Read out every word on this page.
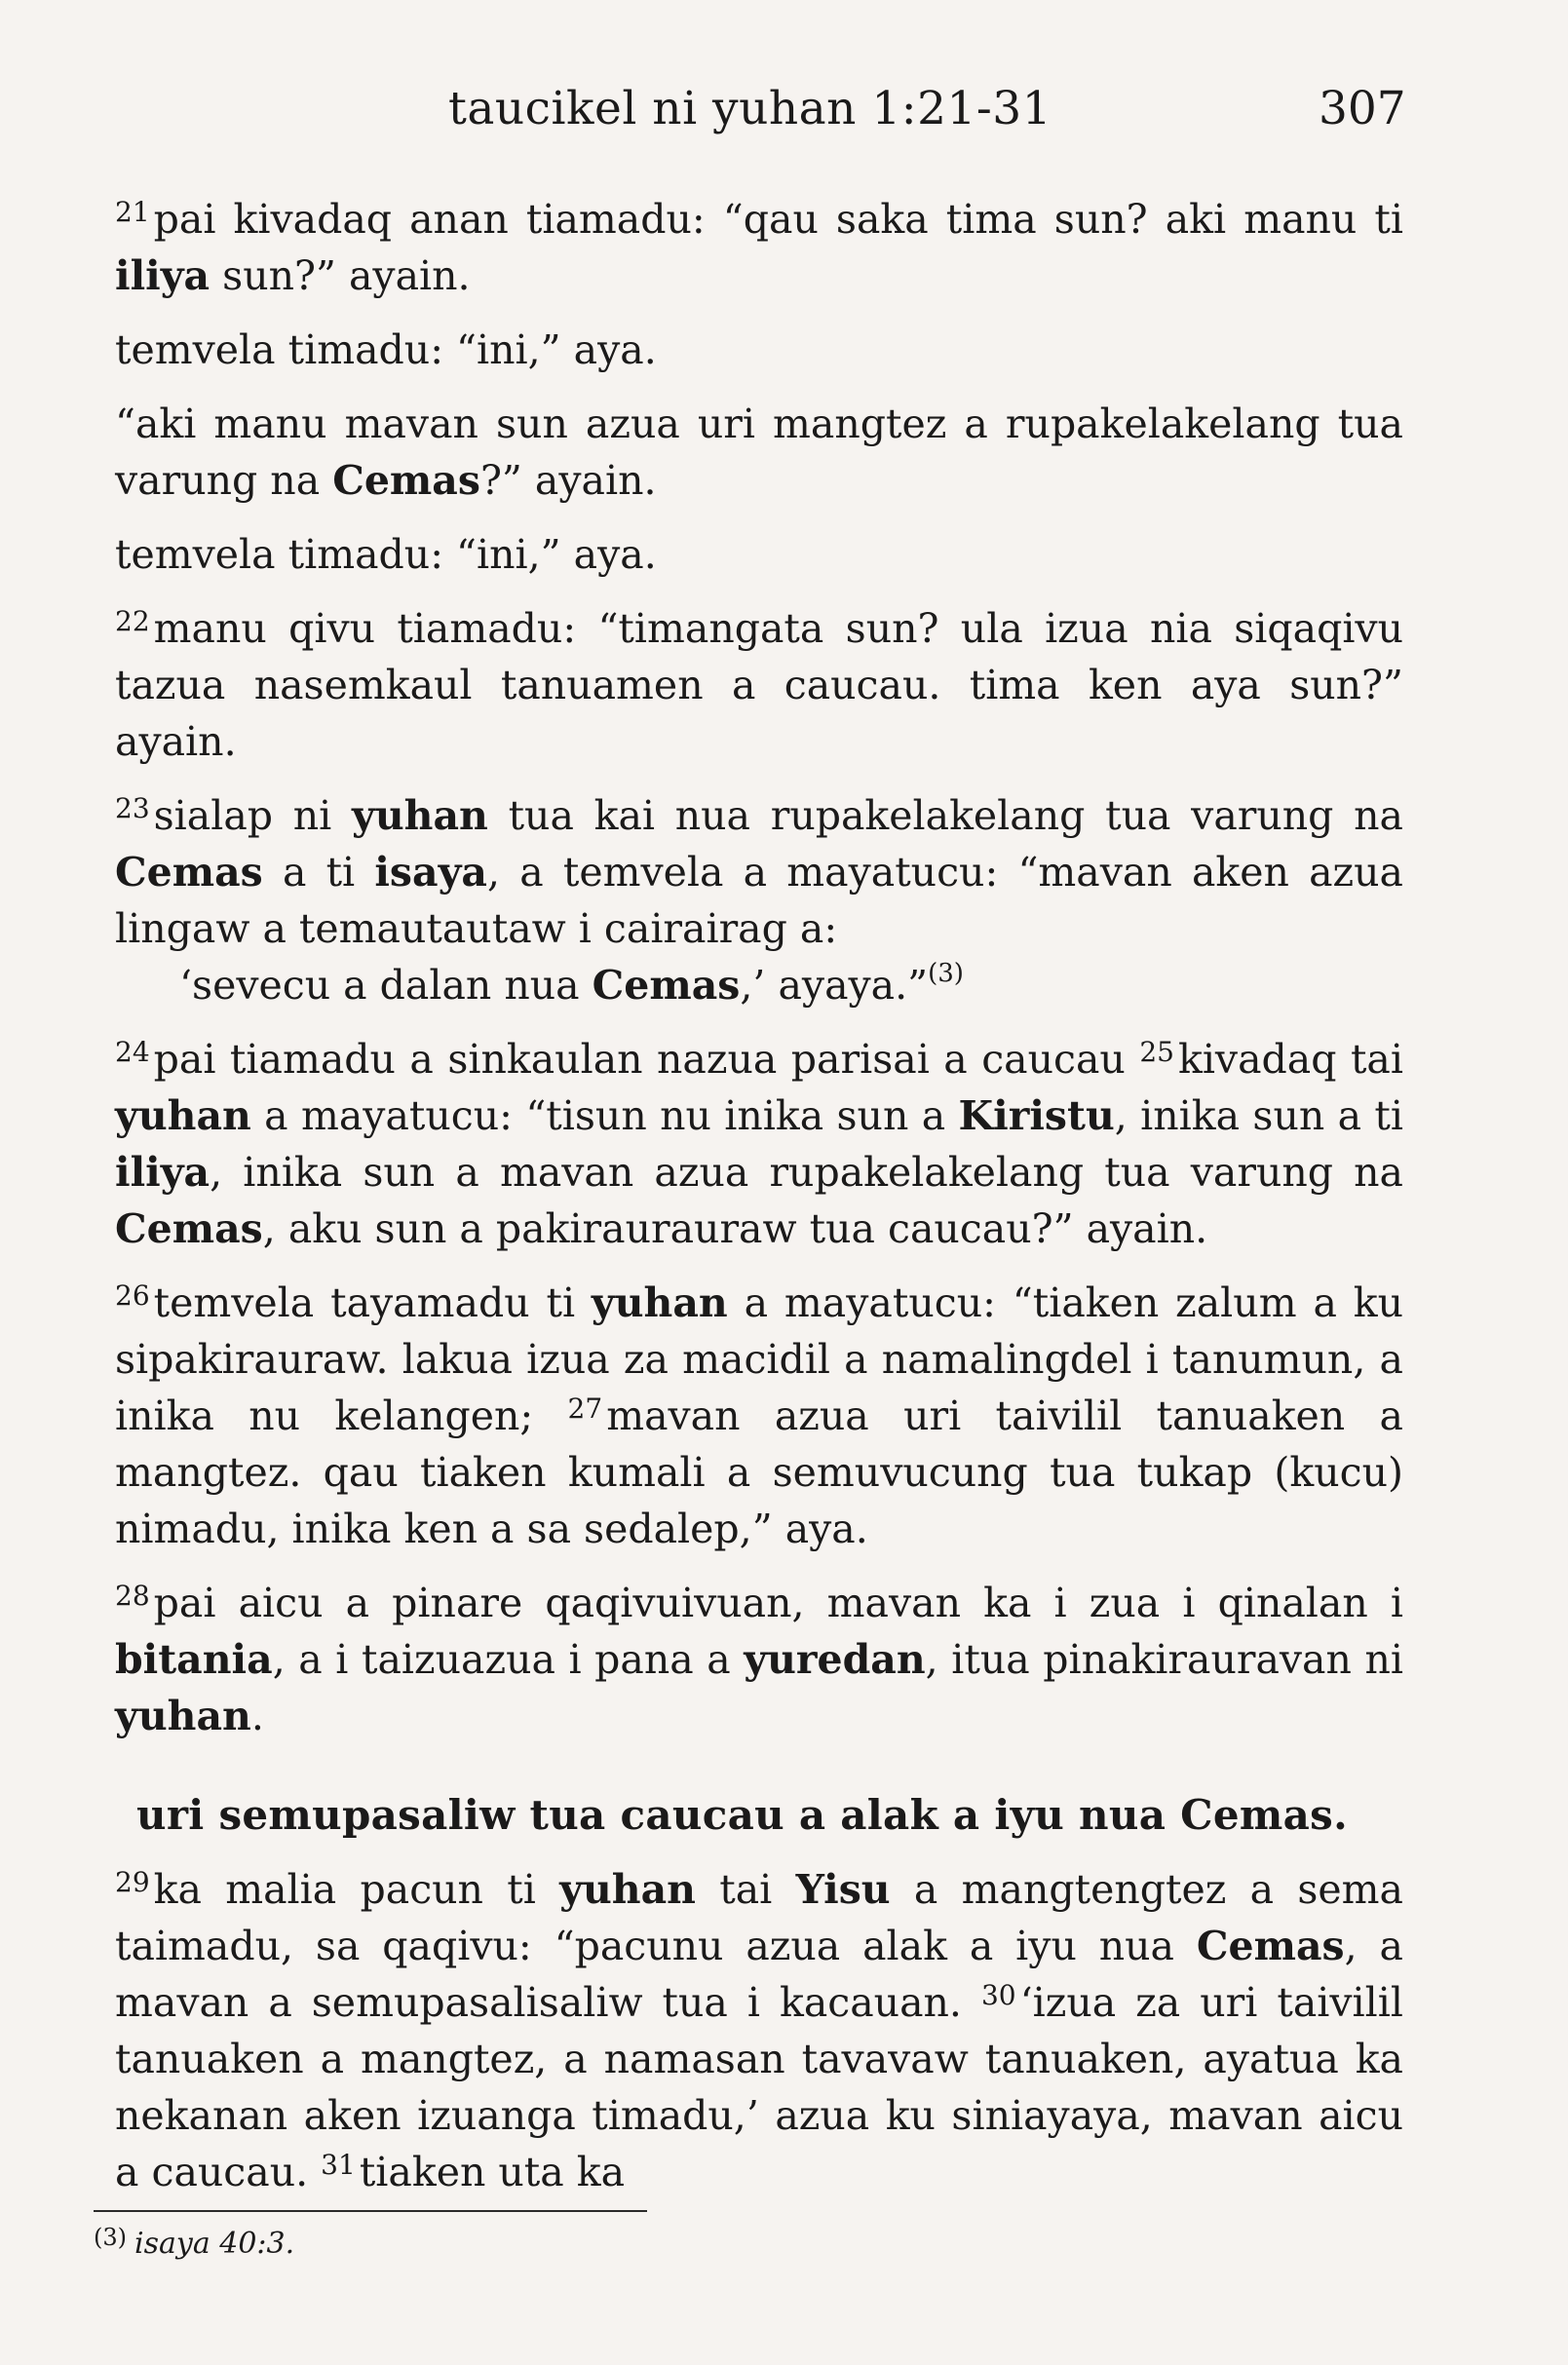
taucikel ni yuhan 1:21-31	307

$^{21}$pai kivadaq anan tiamadu: “qau saka tima sun? aki manu ti iliya sun?” ayain.

temvela timadu: “ini,” aya.

“aki manu mavan sun azua uri mangtez a rupakelakelang tua varung na Cemas?” ayain.

temvela timadu: “ini,” aya.

$^{22}$manu qivu tiamadu: “timangata sun? ula izua nia siqaqivu tazua nasemkaul tanuamen a caucau. tima ken aya sun?” ayain.

$^{23}$sialap ni yuhan tua kai nua rupakelakelang tua varung na Cemas a ti isaya, a temvela a mayatucu: “mavan aken azua lingaw a temautautaw i cairairag a:

‘sevecu a dalan nua Cemas,’ ayaya.”$^{(3)}$

$^{24}$pai tiamadu a sinkaulan nazua parisai a caucau $^{25}$kivadaq tai yuhan a mayatucu: “tisun nu inika sun a Kiristu, inika sun a ti iliya, inika sun a mavan azua rupakelakelang tua varung na Cemas, aku sun a pakiraurauraw tua caucau?” ayain.

$^{26}$temvela tayamadu ti yuhan a mayatucu: “tiaken zalum a ku sipakirauraw. lakua izua za macidil a namalingdel i tanumun, a inika nu kelangen; $^{27}$mavan azua uri taivilil tanuaken a mangtez. qau tiaken kumali a semuvucung tua tukap (kucu) nimadu, inika ken a sa sedalep,” aya.

$^{28}$pai aicu a pinare qaqivuivuan, mavan ka i zua i qinalan i bitania, a i taizuazua i pana a yuredan, itua pinakirauravan ni yuhan.

uri semupasaliw tua caucau a alak a iyu nua Cemas.

$^{29}$ka malia pacun ti yuhan tai Yisu a mangtengtez a sema taimadu, sa qaqivu: “pacunu azua alak a iyu nua Cemas, a mavan a semupasalisaliw tua i kacauan. $^{30}$‘izua za uri taivilil tanuaken a mangtez, a namasan tavavaw tanuaken, ayatua ka nekanan aken izuanga timadu,’ azua ku siniayaya, mavan aicu a caucau. $^{31}$tiaken uta ka

$^{(3)}$ isaya 40:3.
